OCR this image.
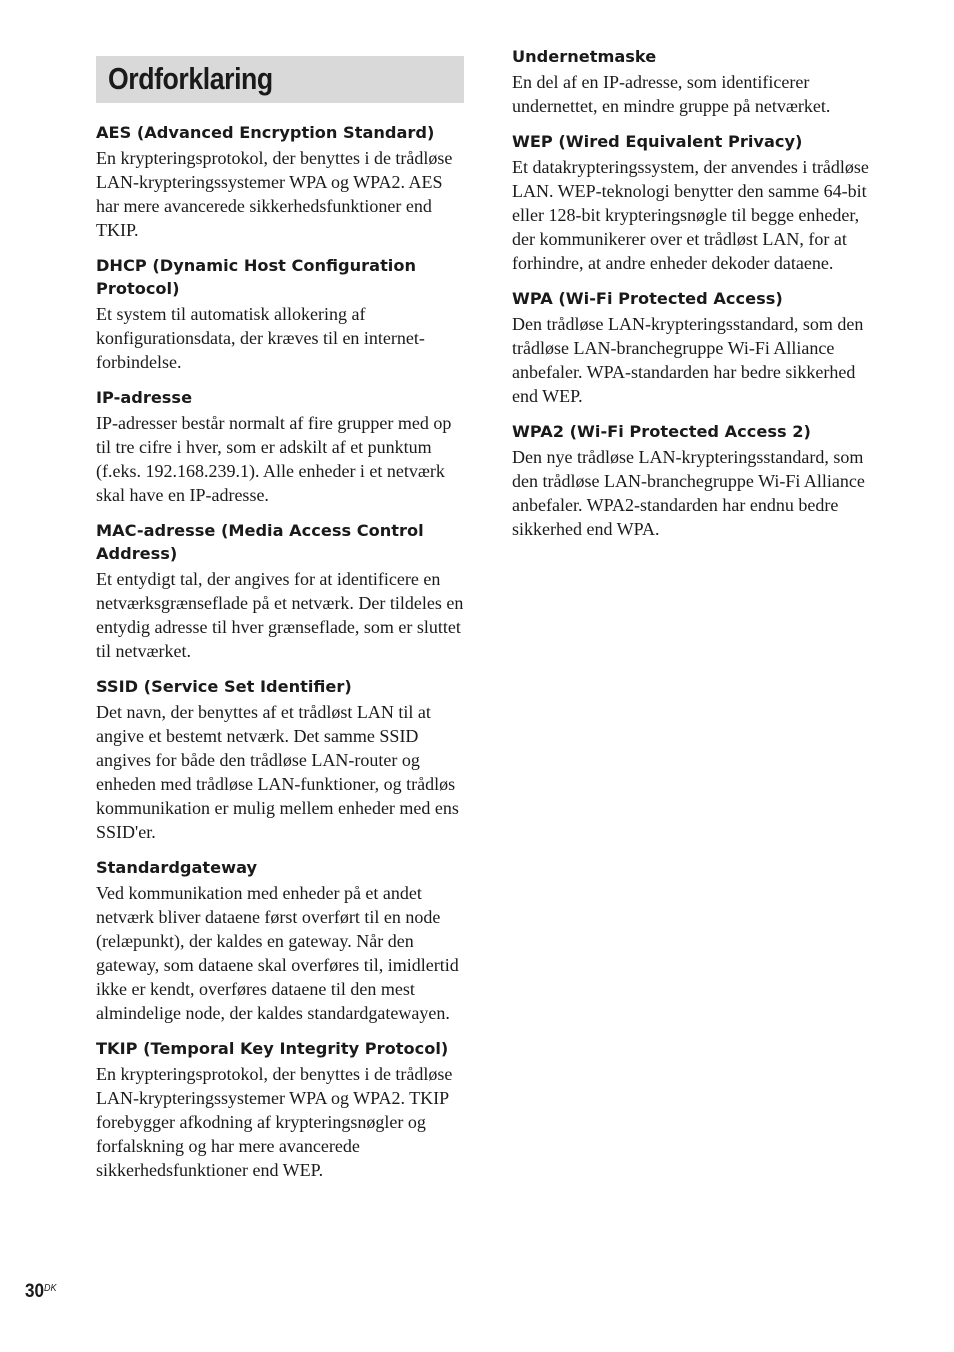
Ordforklaring
AES (Advanced Encryption Standard)

En krypteringsprotokol, der benyttes i de trådløse LAN-krypteringssystemer WPA og WPA2. AES har mere avancerede sikkerhedsfunktioner end TKIP.

DHCP (Dynamic Host Configuration Protocol)

Et system til automatisk allokering af konfigurationsdata, der kræves til en internet-forbindelse.

IP-adresse

IP-adresser består normalt af fire grupper med op til tre cifre i hver, som er adskilt af et punktum (f.eks. 192.168.239.1). Alle enheder i et netværk skal have en IP-adresse.

MAC-adresse (Media Access Control Address)

Et entydigt tal, der angives for at identificere en netværksgrænseflade på et netværk. Der tildeles en entydig adresse til hver grænseflade, som er sluttet til netværket.

SSID (Service Set Identifier)

Det navn, der benyttes af et trådløst LAN til at angive et bestemt netværk. Det samme SSID angives for både den trådløse LAN-router og enheden med trådløse LAN-funktioner, og trådløs kommunikation er mulig mellem enheder med ens SSID'er.

Standardgateway

Ved kommunikation med enheder på et andet netværk bliver dataene først overført til en node (relæpunkt), der kaldes en gateway. Når den gateway, som dataene skal overføres til, imidlertid ikke er kendt, overføres dataene til den mest almindelige node, der kaldes standardgatewayen.

TKIP (Temporal Key Integrity Protocol)

En krypteringsprotokol, der benyttes i de trådløse LAN-krypteringssystemer WPA og WPA2. TKIP forebygger afkodning af krypteringsnøgler og forfalskning og har mere avancerede sikkerhedsfunktioner end WEP.

Undernetmaske

En del af en IP-adresse, som identificerer undernettet, en mindre gruppe på netværket.

WEP (Wired Equivalent Privacy)

Et datakrypteringssystem, der anvendes i trådløse LAN. WEP-teknologi benytter den samme 64-bit eller 128-bit krypteringsnøgle til begge enheder, der kommunikerer over et trådløst LAN, for at forhindre, at andre enheder dekoder dataene.

WPA (Wi-Fi Protected Access)

Den trådløse LAN-krypteringsstandard, som den trådløse LAN-branchegruppe Wi-Fi Alliance anbefaler. WPA-standarden har bedre sikkerhed end WEP.

WPA2 (Wi-Fi Protected Access 2)

Den nye trådløse LAN-krypteringsstandard, som den trådløse LAN-branchegruppe Wi-Fi Alliance anbefaler. WPA2-standarden har endnu bedre sikkerhed end WPA.

$30^{DK}$
